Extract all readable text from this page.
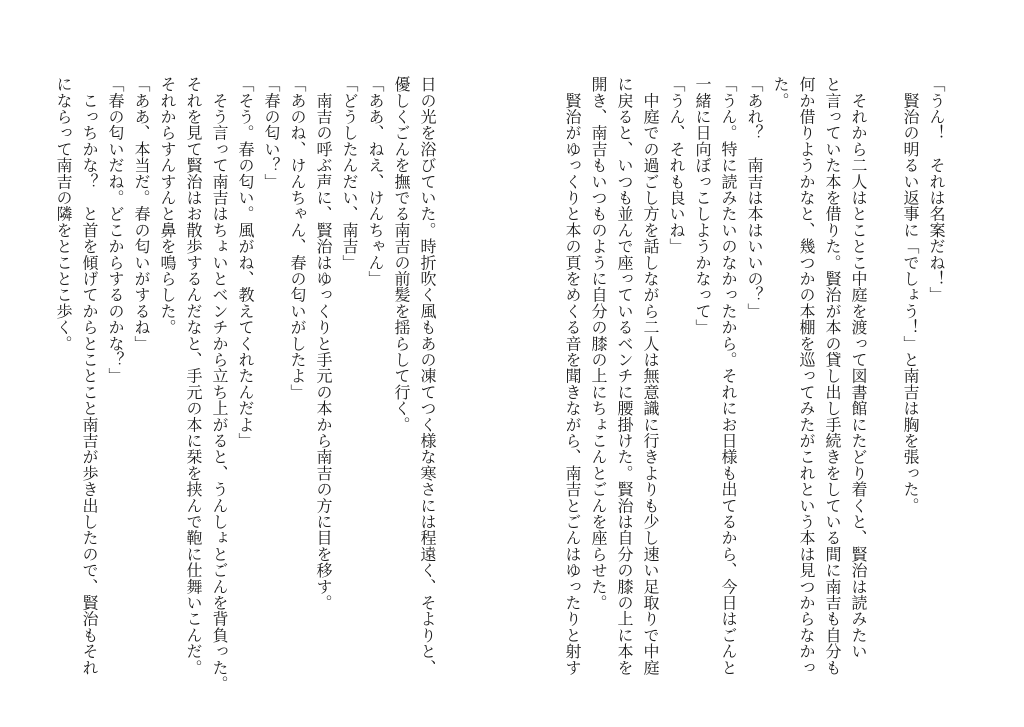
日の光を浴びていた。時折吹く風もあの凍てつく様な寒さには程遠く、そよりと、
優しくごんを撫でる南吉の前髪を揺らして行く。
「ああ、ねえ、けんちゃん」
「どうしたんだい、南吉」
　南吉の呼ぶ声に、賢治はゆっくりと手元の本から南吉の方に目を移す。
「あのね、けんちゃん、春の匂いがしたよ」
「春の匂い？」
「そう。春の匂い。風がね、教えてくれたんだよ」
　そう言って南吉はちょいとベンチから立ち上がると、うんしょとごんを背負った。
それを見て賢治はお散歩するんだなと、手元の本に栞を挟んで鞄に仕舞いこんだ。
それからすんすんと鼻を鳴らした。
「ああ、本当だ。春の匂いがするね」
「春の匂いだね。どこからするのかな？」
　こっちかな？　と首を傾げてからとことこと南吉が歩き出したので、賢治もそれ
にならって南吉の隣をとことこ歩く。	「うん！　それは名案だね！」
　賢治の明るい返事に「でしょう！」と南吉は胸を張った。
　それから二人はとことこ中庭を渡って図書館にたどり着くと、賢治は読みたい
と言っていた本を借りた。賢治が本の貸し出し手続きをしている間に南吉も自分も
何か借りようかなと、幾つかの本棚を巡ってみたがこれという本は見つからなかっ
た。
「あれ？　南吉は本はいいの？」
「うん。特に読みたいのなかったから。それにお日様も出てるから、今日はごんと
一緒に日向ぼっこしようかなって」
「うん、それも良いね」
　中庭での過ごし方を話しながら二人は無意識に行きよりも少し速い足取りで中庭
に戻ると、いつも並んで座っているベンチに腰掛けた。賢治は自分の膝の上に本を
開き、南吉もいつものように自分の膝の上にちょこんとごんを座らせた。
　賢治がゆっくりと本の頁をめくる音を聞きながら、南吉とごんはゆったりと射す
